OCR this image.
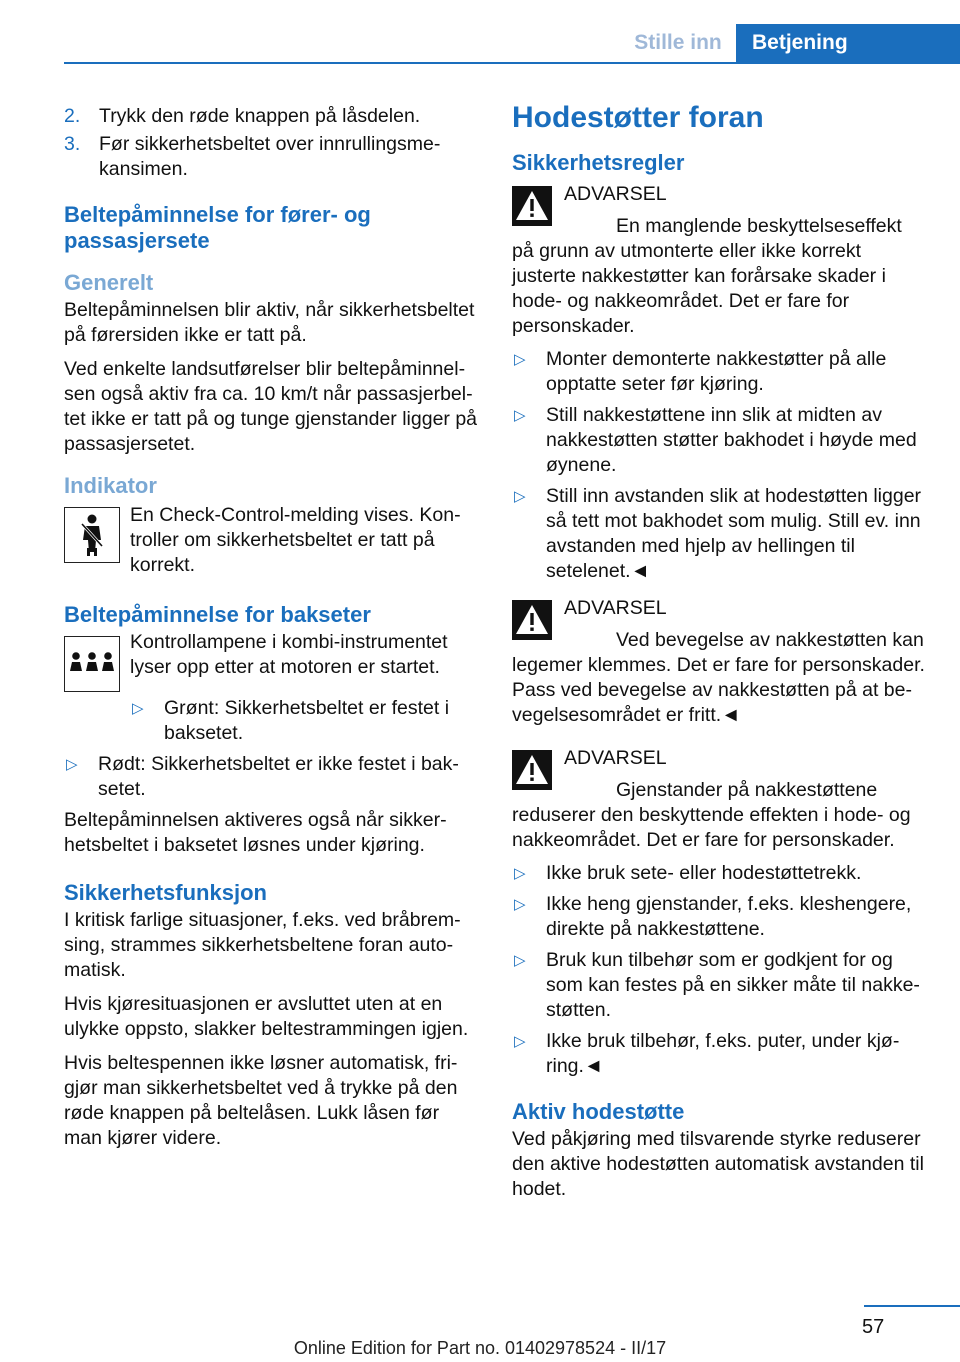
Stille inn	Betjening
2. Trykk den røde knappen på låsdelen.
3. Før sikkerhetsbeltet over innrullingsmekansimen.
Beltepåminnelse for fører- og passasjersete
Generelt
Beltepåminnelsen blir aktiv, når sikkerhetsbeltet på førersiden ikke er tatt på.
Ved enkelte landsutførelser blir beltepåminnelsen også aktiv fra ca. 10 km/t når passasjerbeltet ikke er tatt på og tunge gjenstander ligger på passasjersetet.
Indikator
En Check-Control-melding vises. Kontroller om sikkerhetsbeltet er tatt på korrekt.
Beltepåminnelse for bakseter
Kontrollampene i kombi-instrumentet lyser opp etter at motoren er startet.
▷ Grønt: Sikkerhetsbeltet er festet i baksetet.
▷ Rødt: Sikkerhetsbeltet er ikke festet i baksetet.
Beltepåminnelsen aktiveres også når sikkerhetsbeltet i baksetet løsnes under kjøring.
Sikkerhetsfunksjon
I kritisk farlige situasjoner, f.eks. ved bråbremsing, strammes sikkerhetsbeltene foran automatisk.
Hvis kjøresituasjonen er avsluttet uten at en ulykke oppsto, slakker beltestrammingen igjen.
Hvis beltespennen ikke løsner automatisk, frigjør man sikkerhetsbeltet ved å trykke på den røde knappen på beltelåsen. Lukk låsen før man kjører videre.
Hodestøtter foran
Sikkerhetsregler
ADVARSEL
En manglende beskyttelseseffekt på grunn av utmonterte eller ikke korrekt justerte nakkestøtter kan forårsake skader i hode- og nakkeområdet. Det er fare for personskader.
▷ Monter demonterte nakkestøtter på alle opptatte seter før kjøring.
▷ Still nakkestøttene inn slik at midten av nakkestøtten støtter bakhodet i høyde med øynene.
▷ Still inn avstanden slik at hodestøtten ligger så tett mot bakhodet som mulig. Still ev. inn avstanden med hjelp av hellingen til setelenet.◄
ADVARSEL
Ved bevegelse av nakkestøtten kan legemer klemmes. Det er fare for personskader. Pass ved bevegelse av nakkestøtten på at bevegelsesområdet er fritt.◄
ADVARSEL
Gjenstander på nakkestøttene reduserer den beskyttende effekten i hode- og nakkeområdet. Det er fare for personskader.
▷ Ikke bruk sete- eller hodestøttetrekk.
▷ Ikke heng gjenstander, f.eks. kleshengere, direkte på nakkestøttene.
▷ Bruk kun tilbehør som er godkjent for og som kan festes på en sikker måte til nakkestøtten.
▷ Ikke bruk tilbehør, f.eks. puter, under kjøring.◄
Aktiv hodestøtte
Ved påkjøring med tilsvarende styrke reduserer den aktive hodestøtten automatisk avstanden til hodet.
57
Online Edition for Part no. 01402978524 - II/17
